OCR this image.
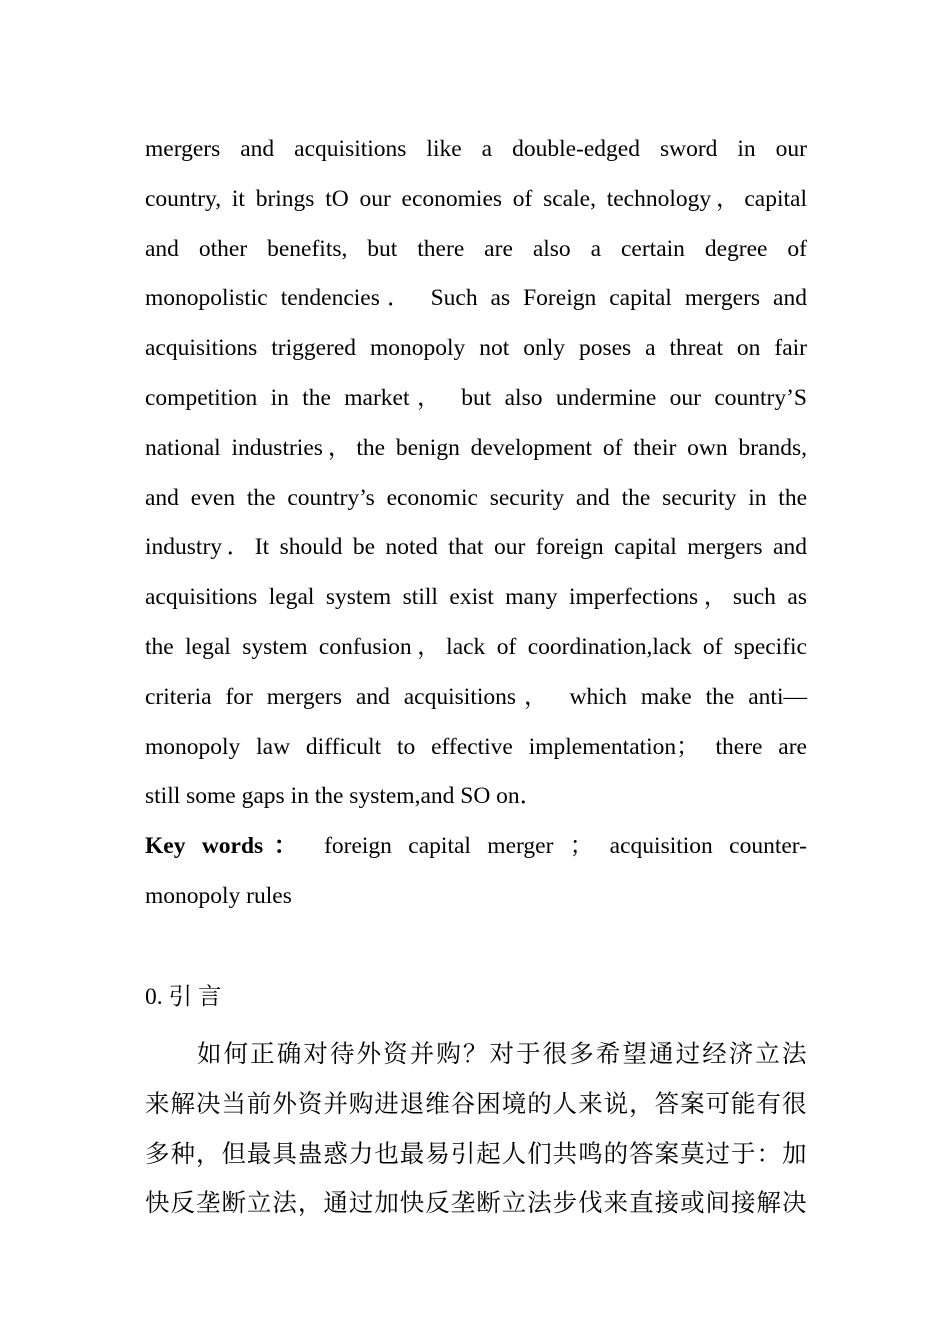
mergers and acquisitions like a double-edged sword in our
country, it brings tO our economies of scale, technology，capital
and other benefits, but there are also a certain degree of
monopolistic tendencies． Such as Foreign capital mergers and
acquisitions triggered monopoly not only poses a threat on fair
competition in the market， but also undermine our country’S
national industries，the benign development of their own brands,
and even the country’s economic security and the security in the
industry．It should be noted that our foreign capital mergers and
acquisitions legal system still exist many imperfections，such as
the legal system confusion，lack of coordination,lack of specific
criteria for mergers and acquisitions， which make the anti—
monopoly law difficult to effective implementation； there are
still some gaps in the system,and SO on．
Key words： foreign capital merger ； acquisition counter-
monopoly rules
0. 引 言
如何正确对待外资并购？对于很多希望通过经济立法
来解决当前外资并购进退维谷困境的人来说，答案可能有很
多种，但最具蛊惑力也最易引起人们共鸣的答案莫过于：加
快反垄断立法，通过加快反垄断立法步伐来直接或间接解决
